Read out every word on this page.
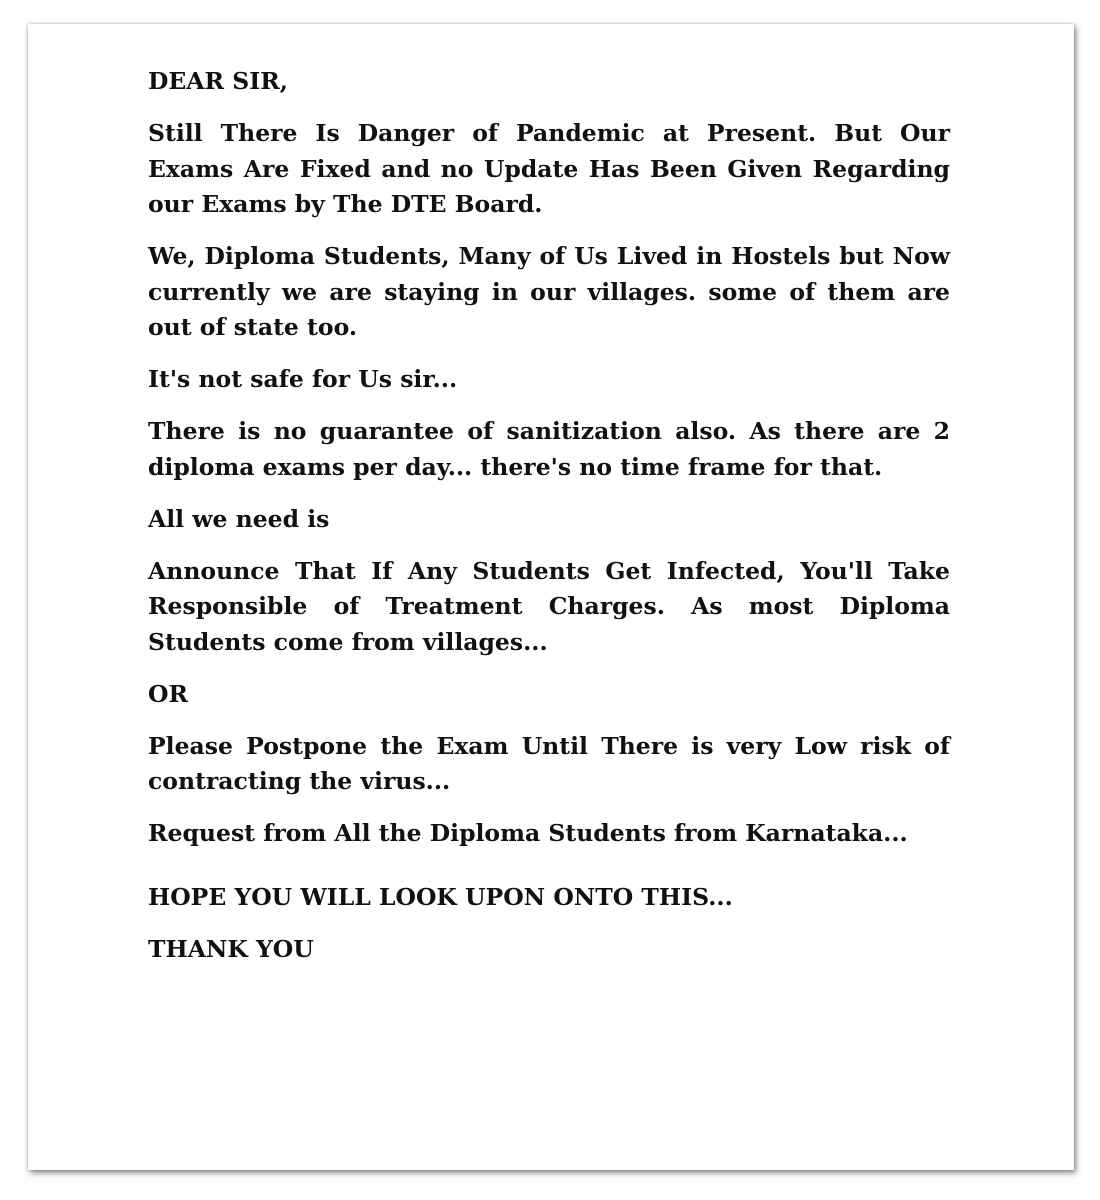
DEAR SIR,

Still There Is Danger of Pandemic at Present. But Our Exams Are Fixed and no Update Has Been Given Regarding our Exams by The DTE Board.

We, Diploma Students, Many of Us Lived in Hostels but Now currently we are staying in our villages. some of them are out of state too.

It's not safe for Us sir...

There is no guarantee of sanitization also. As there are 2 diploma exams per day... there's no time frame for that.

All we need is

Announce That If Any Students Get Infected, You'll Take Responsible of Treatment Charges. As most Diploma Students come from villages...

OR

Please Postpone the Exam Until There is very Low risk of contracting the virus...

Request from All the Diploma Students from Karnataka...

HOPE YOU WILL LOOK UPON ONTO THIS...

THANK YOU
